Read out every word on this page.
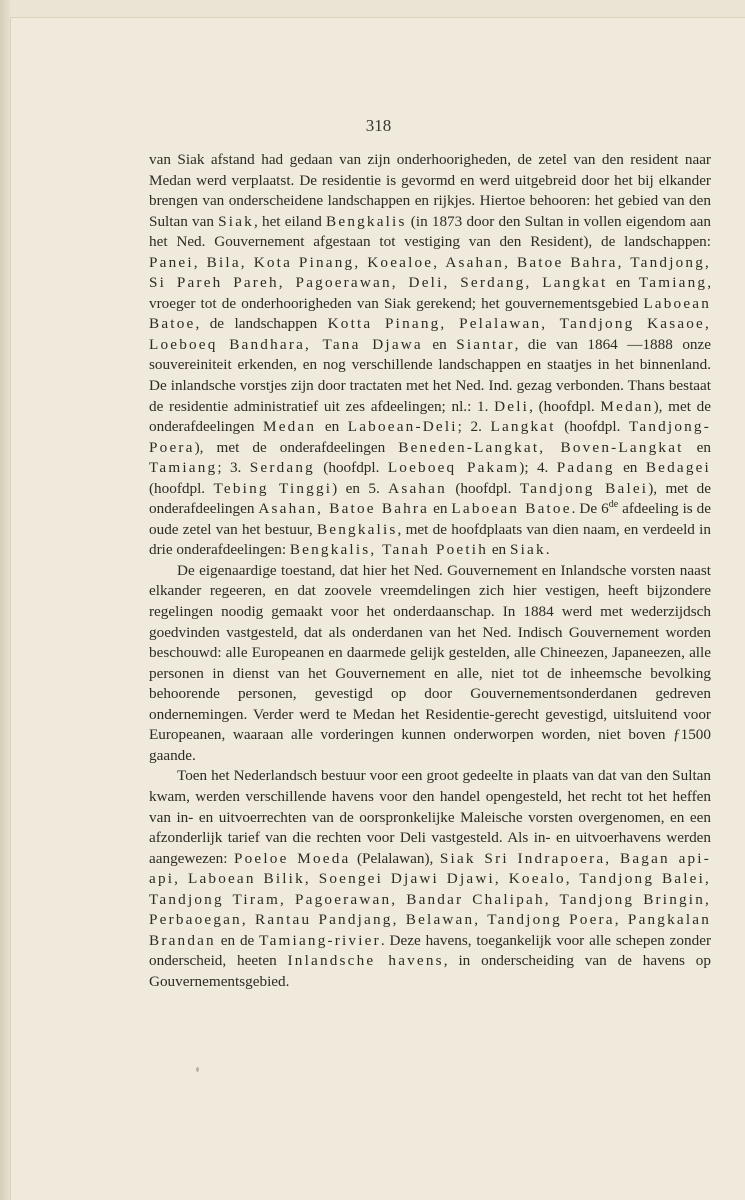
318

van Siak afstand had gedaan van zijn onderhoorigheden, de zetel van den resident naar Medan werd verplaatst. De residentie is gevormd en werd uitgebreid door het bij elkander brengen van onderscheidene landschappen en rijkjes. Hiertoe behooren: het gebied van den Sultan van Siak, het eiland Bengkalis (in 1873 door den Sultan in vollen eigendom aan het Ned. Gouvernement afgestaan tot vestiging van den Resident), de landschappen: Panei, Bila, Kota Pinang, Koealoe, Asahan, Batoe Bahra, Tandjong, Si Pareh Pareh, Pagoerawan, Deli, Serdang, Langkat en Tamiang, vroeger tot de onderhoorigheden van Siak gerekend; het gouvernementsgebied Laboean Batoe, de landschappen Kotta Pinang, Pelalawan, Tandjong Kasaoe, Loeboeq Bandhara, Tana Djawa en Siantar, die van 1864 —1888 onze souvereiniteit erkenden, en nog verschillende landschappen en staatjes in het binnenland. De inlandsche vorstjes zijn door tractaten met het Ned. Ind. gezag verbonden. Thans bestaat de residentie administratief uit zes afdeelingen; nl.: 1. Deli, (hoofdpl. Medan), met de onderafdeelingen Medan en Laboean-Deli; 2. Langkat (hoofdpl. Tandjong-Poera), met de onderafdeelingen Beneden-Langkat, Boven-Langkat en Tamiang; 3. Serdang (hoofdpl. Loeboeq Pakam); 4. Padang en Bedagei (hoofdpl. Tebing Tinggi) en 5. Asahan (hoofdpl. Tandjong Balei), met de onderafdeelingen Asahan, Batoe Bahra en Laboean Batoe. De 6de afdeeling is de oude zetel van het bestuur, Bengkalis, met de hoofdplaats van dien naam, en verdeeld in drie onderafdeelingen: Bengkalis, Tanah Poetih en Siak.

De eigenaardige toestand, dat hier het Ned. Gouvernement en Inlandsche vorsten naast elkander regeeren, en dat zoovele vreemdelingen zich hier vestigen, heeft bijzondere regelingen noodig gemaakt voor het onderdaanschap. In 1884 werd met wederzijdsch goedvinden vastgesteld, dat als onderdanen van het Ned. Indisch Gouvernement worden beschouwd: alle Europeanen en daarmede gelijk gestelden, alle Chineezen, Japaneezen, alle personen in dienst van het Gouvernement en alle, niet tot de inheemsche bevolking behoorende personen, gevestigd op door Gouvernementsonderdanen gedreven ondernemingen. Verder werd te Medan het Residentie-gerecht gevestigd, uitsluitend voor Europeanen, waaraan alle vorderingen kunnen onderworpen worden, niet boven ƒ1500 gaande.

Toen het Nederlandsch bestuur voor een groot gedeelte in plaats van dat van den Sultan kwam, werden verschillende havens voor den handel opengesteld, het recht tot het heffen van in- en uitvoerrechten van de oorspronkelijke Maleische vorsten overgenomen, en een afzonderlijk tarief van die rechten voor Deli vastgesteld. Als in- en uitvoerhavens werden aangewezen: Poeloe Moeda (Pelalawan), Siak Sri Indrapoera, Bagan api-api, Laboean Bilik, Soengei Djawi Djawi, Koealo, Tandjong Balei, Tandjong Tiram, Pagoerawan, Bandar Chalipah, Tandjong Bringin, Perbaoegan, Rantau Pandjang, Belawan, Tandjong Poera, Pangkalan Brandan en de Tamiang-rivier. Deze havens, toegankelijk voor alle schepen zonder onderscheid, heeten Inlandsche havens, in onderscheiding van de havens op Gouvernementsgebied.
